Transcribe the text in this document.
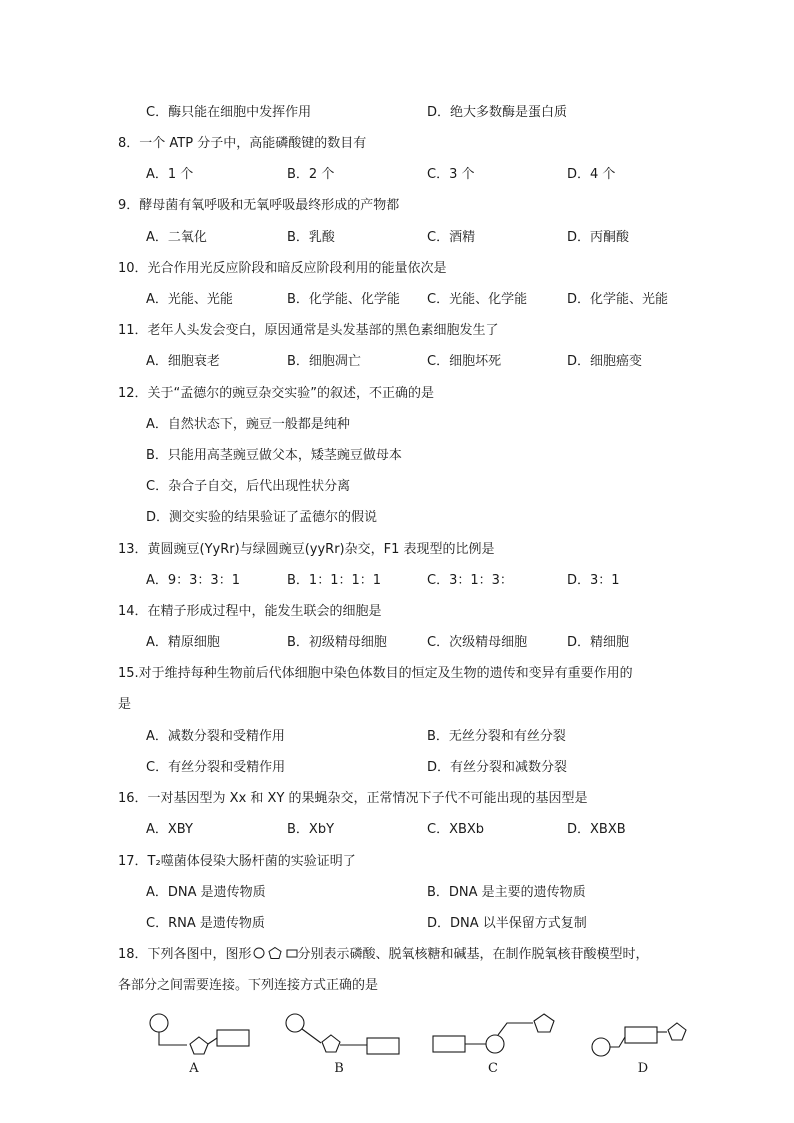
C．酶只能在细胞中发挥作用	D．绝大多数酶是蛋白质
8．一个 ATP 分子中，高能磷酸键的数目有
A．1 个	B．2 个	C．3 个	D．4 个
9．酵母菌有氧呼吸和无氧呼吸最终形成的产物都
A．二氧化	B．乳酸	C．酒精	D．丙酮酸
10．光合作用光反应阶段和暗反应阶段利用的能量依次是
A．光能、光能	B．化学能、化学能 C．光能、化学能	D．化学能、光能
11．老年人头发会变白，原因通常是头发基部的黑色素细胞发生了
A．细胞衰老	B．细胞凋亡	C．细胞坏死	D．细胞癌变
12．关于“孟德尔的豌豆杂交实验”的叙述，不正确的是
A．自然状态下，豌豆一般都是纯种
B．只能用高茎豌豆做父本，矮茎豌豆做母本
C．杂合子自交，后代出现性状分离
D．测交实验的结果验证了孟德尔的假说
13．黄圆豌豆(YyRr)与绿圆豌豆(yyRr)杂交，F1 表现型的比例是
A．9：3：3：1	B．1：1：1：1	C．3：1：3：	D．3：1
14．在精子形成过程中，能发生联会的细胞是
A．精原细胞	B．初级精母细胞	C．次级精母细胞	D．精细胞
15.对于维持每种生物前后代体细胞中染色体数目的恒定及生物的遗传和变异有重要作用的
是
A．减数分裂和受精作用	B．无丝分裂和有丝分裂
C．有丝分裂和受精作用	D．有丝分裂和减数分裂
16．一对基因型为 Xx 和 XY 的果蝇杂交，正常情况下子代不可能出现的基因型是
A．XBY	B．XbY	C．XBXb	D．XBXB
17．T₂噬菌体侵染大肠杆菌的实验证明了
A．DNA 是遗传物质	B．DNA 是主要的遗传物质
C．RNA 是遗传物质	D．DNA 以半保留方式复制
18．下列各图中，图形	分别表示磷酸、脱氧核糖和碱基，在制作脱氧核苷酸模型时，
各部分之间需要连接。下列连接方式正确的是
A	B	C	D
